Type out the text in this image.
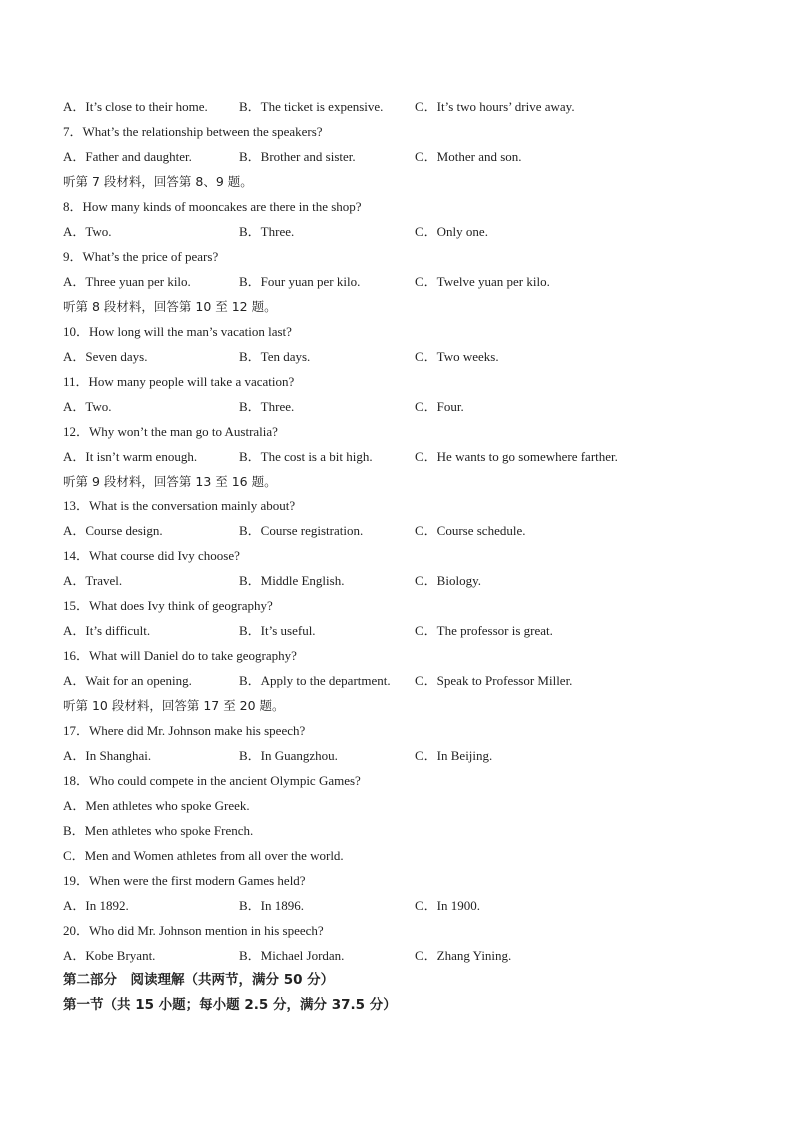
A．It’s close to their home. B．The ticket is expensive. C．It’s two hours’ drive away.
7．What’s the relationship between the speakers?
A．Father and daughter.	B．Brother and sister.	C．Mother and son.
听第 7 段材料，回答第 8、9 题。
8．How many kinds of mooncakes are there in the shop?
A．Two.	B．Three.	C．Only one.
9．What’s the price of pears?
A．Three yuan per kilo.	B．Four yuan per kilo.	C．Twelve yuan per kilo.
听第 8 段材料，回答第 10 至 12 题。
10．How long will the man’s vacation last?
A．Seven days.	B．Ten days.	C．Two weeks.
11．How many people will take a vacation?
A．Two.	B．Three.	C．Four.
12．Why won’t the man go to Australia?
A．It isn’t warm enough.	B．The cost is a bit high.	C．He wants to go somewhere farther.
听第 9 段材料，回答第 13 至 16 题。
13．What is the conversation mainly about?
A．Course design.	B．Course registration.	C．Course schedule.
14．What course did Ivy choose?
A．Travel.	B．Middle English.	C．Biology.
15．What does Ivy think of geography?
A．It’s difficult.	B．It’s useful.	C．The professor is great.
16．What will Daniel do to take geography?
A．Wait for an opening.	B．Apply to the department. C．Speak to Professor Miller.
听第 10 段材料，回答第 17 至 20 题。
17．Where did Mr. Johnson make his speech?
A．In Shanghai.	B．In Guangzhou.	C．In Beijing.
18．Who could compete in the ancient Olympic Games?
A．Men athletes who spoke Greek.
B．Men athletes who spoke French.
C．Men and Women athletes from all over the world.
19．When were the first modern Games held?
A．In 1892.	B．In 1896.	C．In 1900.
20．Who did Mr. Johnson mention in his speech?
A．Kobe Bryant.	B．Michael Jordan.	C．Zhang Yining.
第二部分　阅读理解（共两节，满分 50 分）
第一节（共 15 小题；每小题 2.5 分，满分 37.5 分）
